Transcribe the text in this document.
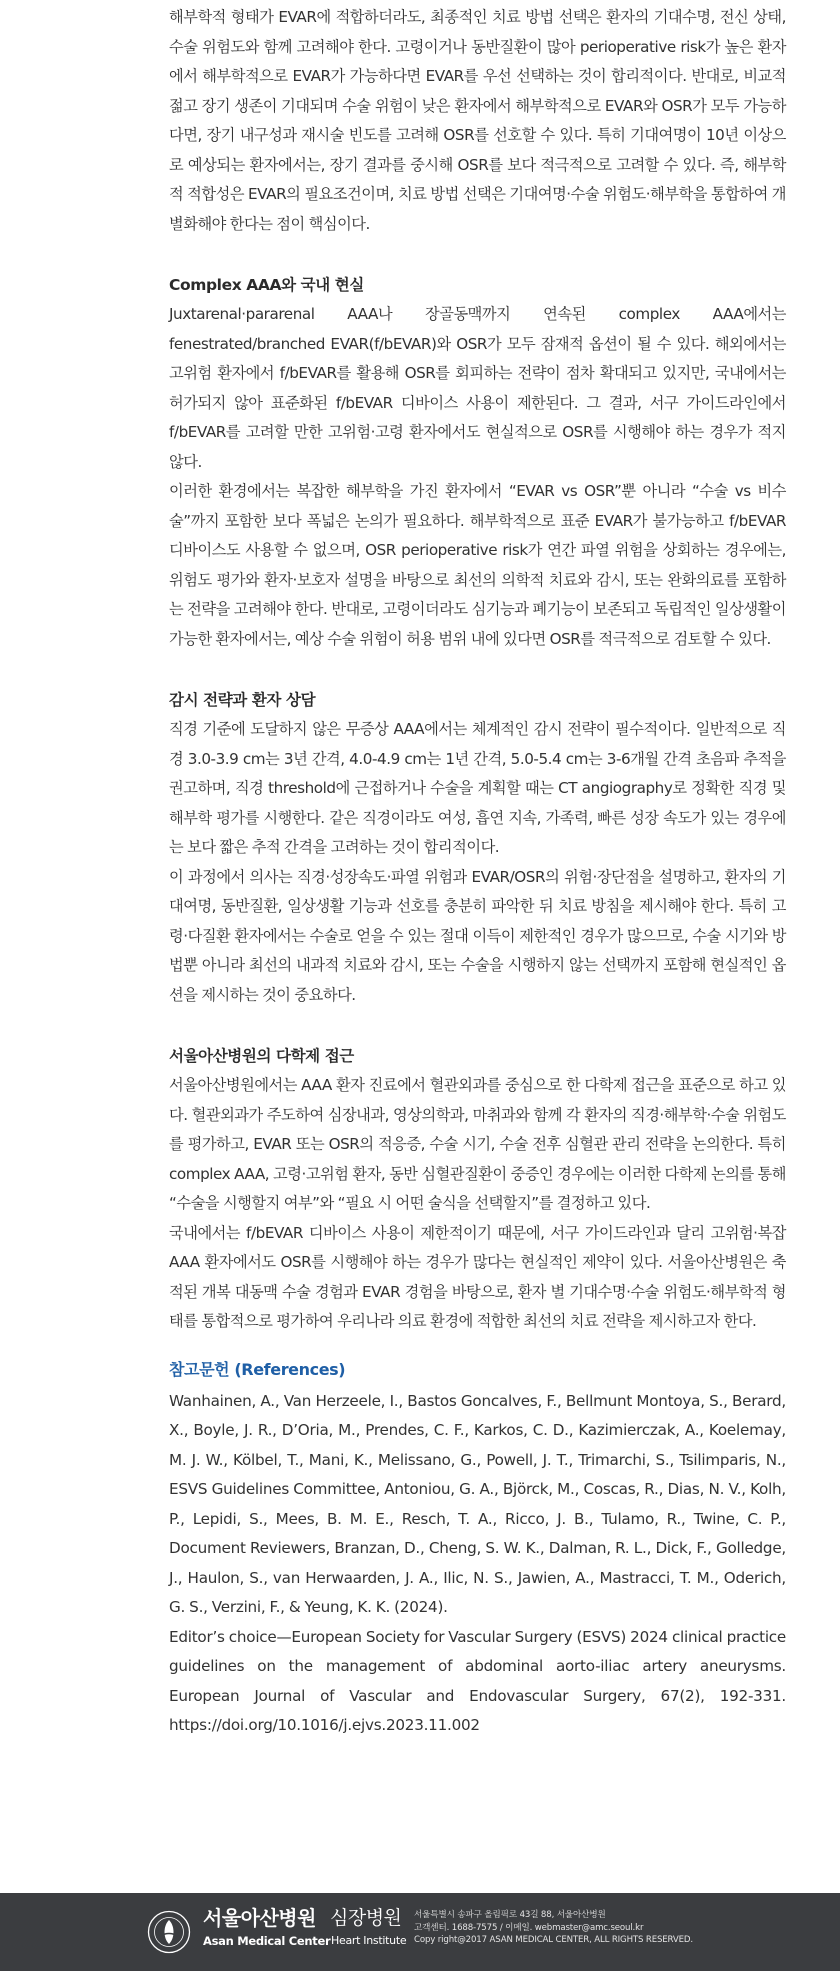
해부학적 형태가 EVAR에 적합하더라도, 최종적인 치료 방법 선택은 환자의 기대수명, 전신 상태, 수술 위험도와 함께 고려해야 한다. 고령이거나 동반질환이 많아 perioperative risk가 높은 환자에서 해부학적으로 EVAR가 가능하다면 EVAR를 우선 선택하는 것이 합리적이다. 반대로, 비교적 젊고 장기 생존이 기대되며 수술 위험이 낮은 환자에서 해부학적으로 EVAR와 OSR가 모두 가능하다면, 장기 내구성과 재시술 빈도를 고려해 OSR를 선호할 수 있다. 특히 기대여명이 10년 이상으로 예상되는 환자에서는, 장기 결과를 중시해 OSR를 보다 적극적으로 고려할 수 있다. 즉, 해부학적 적합성은 EVAR의 필요조건이며, 치료 방법 선택은 기대여명·수술 위험도·해부학을 통합하여 개별화해야 한다는 점이 핵심이다.

Complex AAA와 국내 현실

Juxtarenal·pararenal AAA나 장골동맥까지 연속된 complex AAA에서는 fenestrated/branched EVAR(f/bEVAR)와 OSR가 모두 잠재적 옵션이 될 수 있다. 해외에서는 고위험 환자에서 f/bEVAR를 활용해 OSR를 회피하는 전략이 점차 확대되고 있지만, 국내에서는 허가되지 않아 표준화된 f/bEVAR 디바이스 사용이 제한된다. 그 결과, 서구 가이드라인에서 f/bEVAR를 고려할 만한 고위험·고령 환자에서도 현실적으로 OSR를 시행해야 하는 경우가 적지 않다.

이러한 환경에서는 복잡한 해부학을 가진 환자에서 “EVAR vs OSR”뿐 아니라 “수술 vs 비수술”까지 포함한 보다 폭넓은 논의가 필요하다. 해부학적으로 표준 EVAR가 불가능하고 f/bEVAR 디바이스도 사용할 수 없으며, OSR perioperative risk가 연간 파열 위험을 상회하는 경우에는, 위험도 평가와 환자·보호자 설명을 바탕으로 최선의 의학적 치료와 감시, 또는 완화의료를 포함하는 전략을 고려해야 한다. 반대로, 고령이더라도 심기능과 폐기능이 보존되고 독립적인 일상생활이 가능한 환자에서는, 예상 수술 위험이 허용 범위 내에 있다면 OSR를 적극적으로 검토할 수 있다.

감시 전략과 환자 상담

직경 기준에 도달하지 않은 무증상 AAA에서는 체계적인 감시 전략이 필수적이다. 일반적으로 직경 3.0-3.9 cm는 3년 간격, 4.0-4.9 cm는 1년 간격, 5.0-5.4 cm는 3-6개월 간격 초음파 추적을 권고하며, 직경 threshold에 근접하거나 수술을 계획할 때는 CT angiography로 정확한 직경 및 해부학 평가를 시행한다. 같은 직경이라도 여성, 흡연 지속, 가족력, 빠른 성장 속도가 있는 경우에는 보다 짧은 추적 간격을 고려하는 것이 합리적이다.

이 과정에서 의사는 직경·성장속도·파열 위험과 EVAR/OSR의 위험·장단점을 설명하고, 환자의 기대여명, 동반질환, 일상생활 기능과 선호를 충분히 파악한 뒤 치료 방침을 제시해야 한다. 특히 고령·다질환 환자에서는 수술로 얻을 수 있는 절대 이득이 제한적인 경우가 많으므로, 수술 시기와 방법뿐 아니라 최선의 내과적 치료와 감시, 또는 수술을 시행하지 않는 선택까지 포함해 현실적인 옵션을 제시하는 것이 중요하다.

서울아산병원의 다학제 접근

서울아산병원에서는 AAA 환자 진료에서 혈관외과를 중심으로 한 다학제 접근을 표준으로 하고 있다. 혈관외과가 주도하여 심장내과, 영상의학과, 마취과와 함께 각 환자의 직경·해부학·수술 위험도를 평가하고, EVAR 또는 OSR의 적응증, 수술 시기, 수술 전후 심혈관 관리 전략을 논의한다. 특히 complex AAA, 고령·고위험 환자, 동반 심혈관질환이 중증인 경우에는 이러한 다학제 논의를 통해 “수술을 시행할지 여부”와 “필요 시 어떤 술식을 선택할지”를 결정하고 있다.

국내에서는 f/bEVAR 디바이스 사용이 제한적이기 때문에, 서구 가이드라인과 달리 고위험·복잡 AAA 환자에서도 OSR를 시행해야 하는 경우가 많다는 현실적인 제약이 있다. 서울아산병원은 축적된 개복 대동맥 수술 경험과 EVAR 경험을 바탕으로, 환자 별 기대수명·수술 위험도·해부학적 형태를 통합적으로 평가하여 우리나라 의료 환경에 적합한 최선의 치료 전략을 제시하고자 한다.

참고문헌 (References)

Wanhainen, A., Van Herzeele, I., Bastos Goncalves, F., Bellmunt Montoya, S., Berard, X., Boyle, J. R., D’Oria, M., Prendes, C. F., Karkos, C. D., Kazimierczak, A., Koelemay, M. J. W., Kölbel, T., Mani, K., Melissano, G., Powell, J. T., Trimarchi, S., Tsilimparis, N., ESVS Guidelines Committee, Antoniou, G. A., Björck, M., Coscas, R., Dias, N. V., Kolh, P., Lepidi, S., Mees, B. M. E., Resch, T. A., Ricco, J. B., Tulamo, R., Twine, C. P., Document Reviewers, Branzan, D., Cheng, S. W. K., Dalman, R. L., Dick, F., Golledge, J., Haulon, S., van Herwaarden, J. A., Ilic, N. S., Jawien, A., Mastracci, T. M., Oderich, G. S., Verzini, F., & Yeung, K. K. (2024).

Editor’s choice—European Society for Vascular Surgery (ESVS) 2024 clinical practice guidelines on the management of abdominal aorto-iliac artery aneurysms. European Journal of Vascular and Endovascular Surgery, 67(2), 192-331. https://doi.org/10.1016/j.ejvs.2023.11.002

서울아산병원
Asan Medical Center
심장병원
Heart Institute
서울특별시 송파구 올림픽로 43길 88, 서울아산병원
고객센터. 1688-7575 / 이메일. webmaster@amc.seoul.kr
Copy right@2017 ASAN MEDICAL CENTER, ALL RIGHTS RESERVED.
